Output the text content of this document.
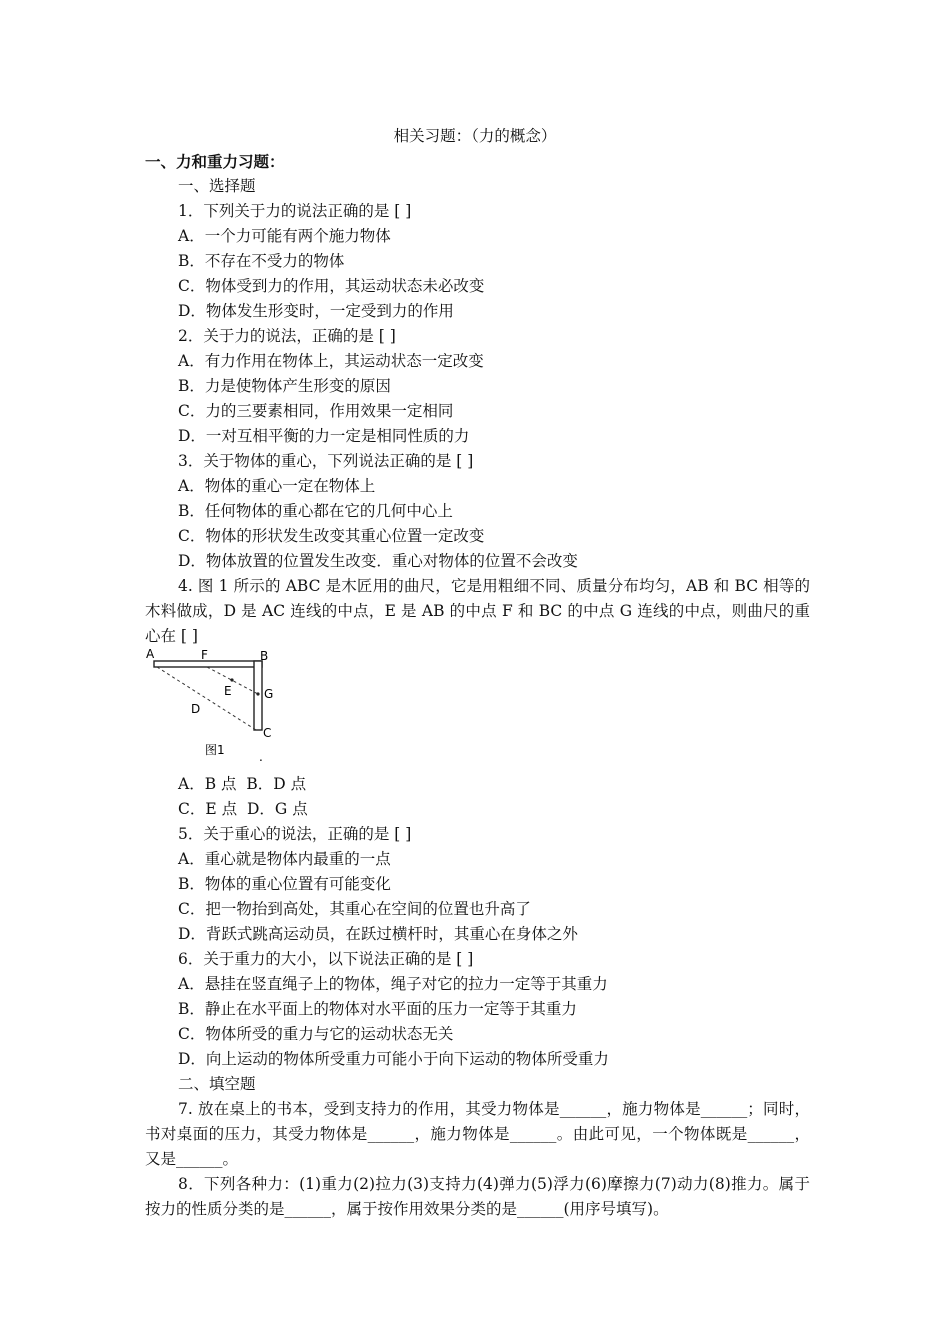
相关习题：（力的概念）
一、力和重力习题：
一、选择题
1．下列关于力的说法正确的是 [ ]
A．一个力可能有两个施力物体
B．不存在不受力的物体
C．物体受到力的作用，其运动状态未必改变
D．物体发生形变时，一定受到力的作用
2．关于力的说法，正确的是 [ ]
A．有力作用在物体上，其运动状态一定改变
B．力是使物体产生形变的原因
C．力的三要素相同，作用效果一定相同
D．一对互相平衡的力一定是相同性质的力
3．关于物体的重心，下列说法正确的是 [ ]
A．物体的重心一定在物体上
B．任何物体的重心都在它的几何中心上
C．物体的形状发生改变其重心位置一定改变
D．物体放置的位置发生改变．重心对物体的位置不会改变
4. 图 1 所示的 ABC 是木匠用的曲尺，它是用粗细不同、质量分布均匀，AB 和 BC 相等的
木料做成，D 是 AC 连线的中点，E 是 AB 的中点 F 和 BC 的中点 G 连线的中点，则曲尺的重
心在 [ ]
A	F	B
E	G
D
C
图1	.
A．B 点  B．D 点
C．E 点  D．G 点
5．关于重心的说法，正确的是 [ ]
A．重心就是物体内最重的一点
B．物体的重心位置有可能变化
C．把一物抬到高处，其重心在空间的位置也升高了
D．背跃式跳高运动员，在跃过横杆时，其重心在身体之外
6．关于重力的大小，以下说法正确的是 [ ]
A．悬挂在竖直绳子上的物体，绳子对它的拉力一定等于其重力
B．静止在水平面上的物体对水平面的压力一定等于其重力
C．物体所受的重力与它的运动状态无关
D．向上运动的物体所受重力可能小于向下运动的物体所受重力
二、填空题
7. 放在桌上的书本，受到支持力的作用，其受力物体是______，施力物体是______；同时，
书对桌面的压力，其受力物体是______，施力物体是______。由此可见，一个物体既是______，
又是______。
8．下列各种力：(1)重力(2)拉力(3)支持力(4)弹力(5)浮力(6)摩擦力(7)动力(8)推力。属于
按力的性质分类的是______，属于按作用效果分类的是______(用序号填写)。
